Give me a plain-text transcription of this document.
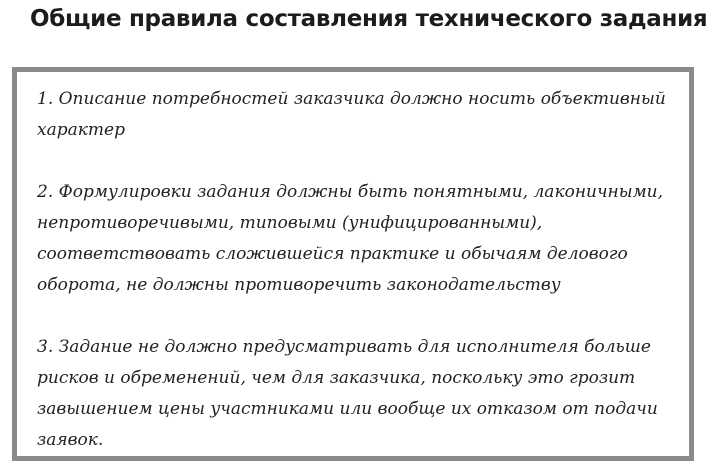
Общие правила составления технического задания
1. Описание потребностей заказчика должно носить объективный характер
2. Формулировки задания должны быть понятными, лаконичными, непротиворечивыми, типовыми (унифицированными), соответствовать сложившейся практике и обычаям делового оборота, не должны противоречить законодательству
3. Задание не должно предусматривать для исполнителя больше рисков и обременений, чем для заказчика, поскольку это грозит завышением цены участниками или вообще их отказом от подачи заявок.
